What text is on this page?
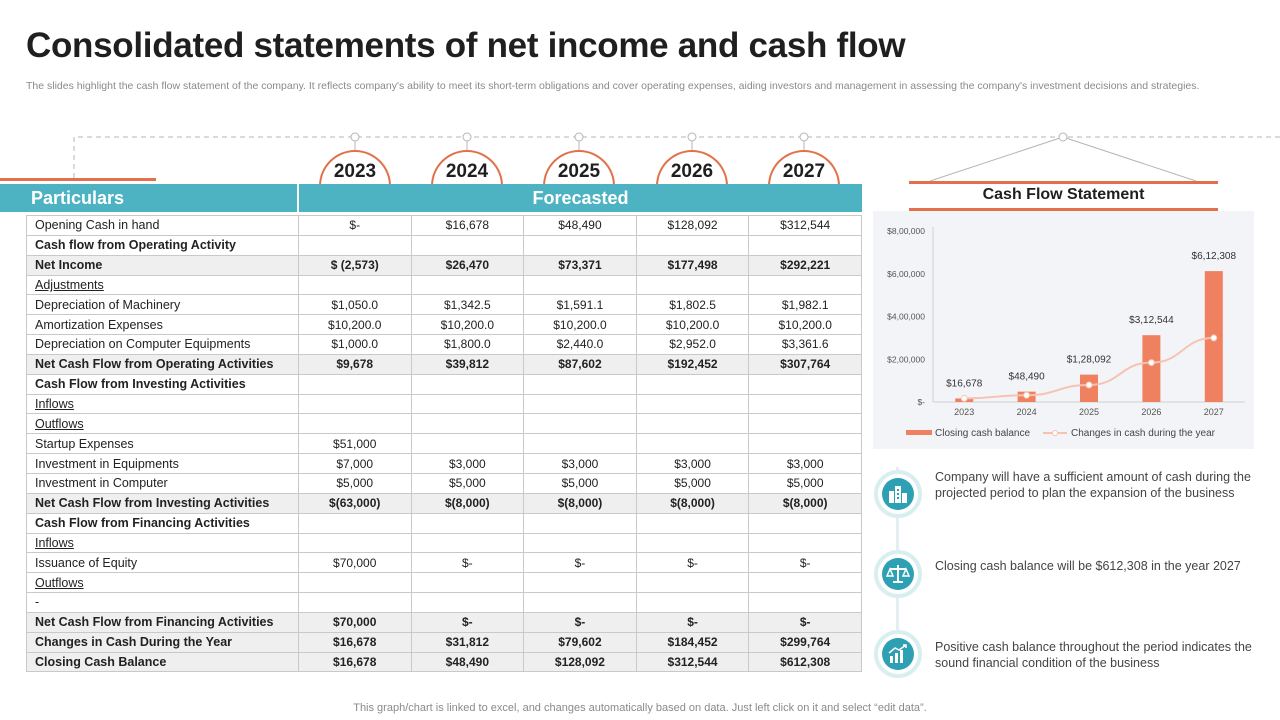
Consolidated statements of net income and cash flow
The slides highlight the cash flow statement of the company. It reflects company's ability to meet its short-term obligations and cover operating expenses, aiding investors and management in assessing the company's investment decisions and strategies.
2023	2024	2025	2026	2027
Particulars	Forecasted
Opening Cash in hand	$-	$16,678	$48,490	$128,092	$312,544
Cash flow from Operating Activity					
Net Income	$ (2,573)	$26,470	$73,371	$177,498	$292,221
Adjustments					
Depreciation of Machinery	$1,050.0	$1,342.5	$1,591.1	$1,802.5	$1,982.1
Amortization Expenses	$10,200.0	$10,200.0	$10,200.0	$10,200.0	$10,200.0
Depreciation on Computer Equipments	$1,000.0	$1,800.0	$2,440.0	$2,952.0	$3,361.6
Net Cash Flow from Operating Activities	$9,678	$39,812	$87,602	$192,452	$307,764
Cash Flow from Investing Activities					
Inflows					
Outflows					
Startup Expenses	$51,000				
Investment in Equipments	$7,000	$3,000	$3,000	$3,000	$3,000
Investment in Computer	$5,000	$5,000	$5,000	$5,000	$5,000
Net Cash Flow from Investing Activities	$(63,000)	$(8,000)	$(8,000)	$(8,000)	$(8,000)
Cash Flow from Financing Activities					
Inflows					
Issuance of Equity	$70,000	$-	$-	$-	$-
Outflows					
-					
Net Cash Flow from Financing Activities	$70,000	$-	$-	$-	$-
Changes in Cash During the Year	$16,678	$31,812	$79,602	$184,452	$299,764
Closing Cash Balance	$16,678	$48,490	$128,092	$312,544	$612,308
Cash Flow Statement
$-
$2,00,000
$4,00,000
$6,00,000
$8,00,000
$16,678
2023
$48,490
2024
$1,28,092
2025
$3,12,544
2026
$6,12,308
2027
Closing cash balance	Changes in cash during the year
Company will have a sufficient amount of cash during the projected period to plan the expansion of the business
Closing cash balance will be $612,308 in the year 2027
Positive cash balance throughout the period indicates the sound financial condition of the business
This graph/chart is linked to excel, and changes automatically based on data. Just left click on it and select “edit data”.
